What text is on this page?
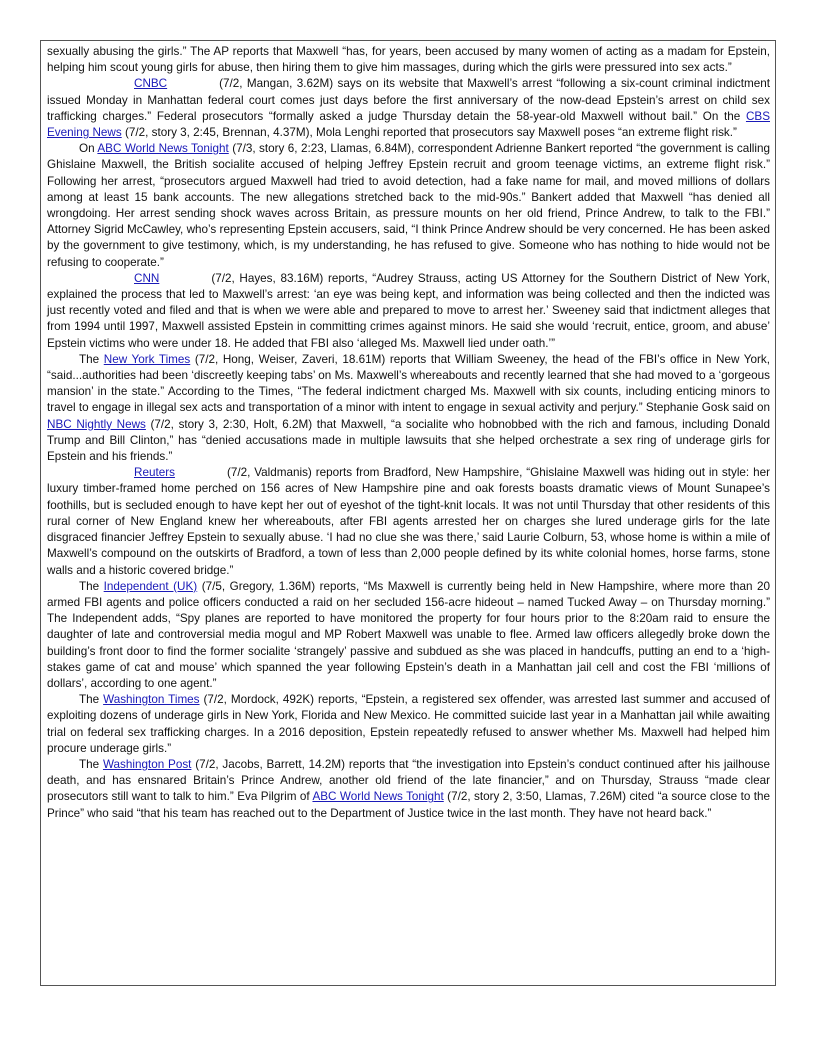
sexually abusing the girls.” The AP reports that Maxwell “has, for years, been accused by many women of acting as a madam for Epstein, helping him scout young girls for abuse, then hiring them to give him massages, during which the girls were pressured into sex acts.”

CNBC	(7/2, Mangan, 3.62M) says on its website that Maxwell’s arrest “following a six-count criminal indictment issued Monday in Manhattan federal court comes just days before the first anniversary of the now-dead Epstein’s arrest on child sex trafficking charges.” Federal prosecutors “formally asked a judge Thursday detain the 58-year-old Maxwell without bail.” On the CBS Evening News (7/2, story 3, 2:45, Brennan, 4.37M), Mola Lenghi reported that prosecutors say Maxwell poses “an extreme flight risk.”

On ABC World News Tonight (7/3, story 6, 2:23, Llamas, 6.84M), correspondent Adrienne Bankert reported “the government is calling Ghislaine Maxwell, the British socialite accused of helping Jeffrey Epstein recruit and groom teenage victims, an extreme flight risk.” Following her arrest, “prosecutors argued Maxwell had tried to avoid detection, had a fake name for mail, and moved millions of dollars among at least 15 bank accounts. The new allegations stretched back to the mid-90s.” Bankert added that Maxwell “has denied all wrongdoing. Her arrest sending shock waves across Britain, as pressure mounts on her old friend, Prince Andrew, to talk to the FBI.” Attorney Sigrid McCawley, who’s representing Epstein accusers, said, “I think Prince Andrew should be very concerned. He has been asked by the government to give testimony, which, is my understanding, he has refused to give. Someone who has nothing to hide would not be refusing to cooperate.”

CNN	(7/2, Hayes, 83.16M) reports, “Audrey Strauss, acting US Attorney for the Southern District of New York, explained the process that led to Maxwell’s arrest: ‘an eye was being kept, and information was being collected and then the indicted was just recently voted and filed and that is when we were able and prepared to move to arrest her.’ Sweeney said that indictment alleges that from 1994 until 1997, Maxwell assisted Epstein in committing crimes against minors. He said she would ‘recruit, entice, groom, and abuse’ Epstein victims who were under 18. He added that FBI also ‘alleged Ms. Maxwell lied under oath.’”

The New York Times (7/2, Hong, Weiser, Zaveri, 18.61M) reports that William Sweeney, the head of the FBI’s office in New York, “said...authorities had been ‘discreetly keeping tabs’ on Ms. Maxwell’s whereabouts and recently learned that she had moved to a ‘gorgeous mansion’ in the state.” According to the Times, “The federal indictment charged Ms. Maxwell with six counts, including enticing minors to travel to engage in illegal sex acts and transportation of a minor with intent to engage in sexual activity and perjury.” Stephanie Gosk said on NBC Nightly News (7/2, story 3, 2:30, Holt, 6.2M) that Maxwell, “a socialite who hobnobbed with the rich and famous, including Donald Trump and Bill Clinton,” has “denied accusations made in multiple lawsuits that she helped orchestrate a sex ring of underage girls for Epstein and his friends.”

Reuters	(7/2, Valdmanis) reports from Bradford, New Hampshire, “Ghislaine Maxwell was hiding out in style: her luxury timber-framed home perched on 156 acres of New Hampshire pine and oak forests boasts dramatic views of Mount Sunapee’s foothills, but is secluded enough to have kept her out of eyeshot of the tight-knit locals. It was not until Thursday that other residents of this rural corner of New England knew her whereabouts, after FBI agents arrested her on charges she lured underage girls for the late disgraced financier Jeffrey Epstein to sexually abuse. ‘I had no clue she was there,’ said Laurie Colburn, 53, whose home is within a mile of Maxwell’s compound on the outskirts of Bradford, a town of less than 2,000 people defined by its white colonial homes, horse farms, stone walls and a historic covered bridge.”

The Independent (UK) (7/5, Gregory, 1.36M) reports, “Ms Maxwell is currently being held in New Hampshire, where more than 20 armed FBI agents and police officers conducted a raid on her secluded 156-acre hideout – named Tucked Away – on Thursday morning.” The Independent adds, “Spy planes are reported to have monitored the property for four hours prior to the 8:20am raid to ensure the daughter of late and controversial media mogul and MP Robert Maxwell was unable to flee. Armed law officers allegedly broke down the building’s front door to find the former socialite ‘strangely’ passive and subdued as she was placed in handcuffs, putting an end to a ‘high-stakes game of cat and mouse’ which spanned the year following Epstein’s death in a Manhattan jail cell and cost the FBI ‘millions of dollars’, according to one agent.”

The Washington Times (7/2, Mordock, 492K) reports, “Epstein, a registered sex offender, was arrested last summer and accused of exploiting dozens of underage girls in New York, Florida and New Mexico. He committed suicide last year in a Manhattan jail while awaiting trial on federal sex trafficking charges. In a 2016 deposition, Epstein repeatedly refused to answer whether Ms. Maxwell had helped him procure underage girls.”

The Washington Post (7/2, Jacobs, Barrett, 14.2M) reports that “the investigation into Epstein’s conduct continued after his jailhouse death, and has ensnared Britain’s Prince Andrew, another old friend of the late financier,” and on Thursday, Strauss “made clear prosecutors still want to talk to him.” Eva Pilgrim of ABC World News Tonight (7/2, story 2, 3:50, Llamas, 7.26M) cited “a source close to the Prince” who said “that his team has reached out to the Department of Justice twice in the last month. They have not heard back.”
